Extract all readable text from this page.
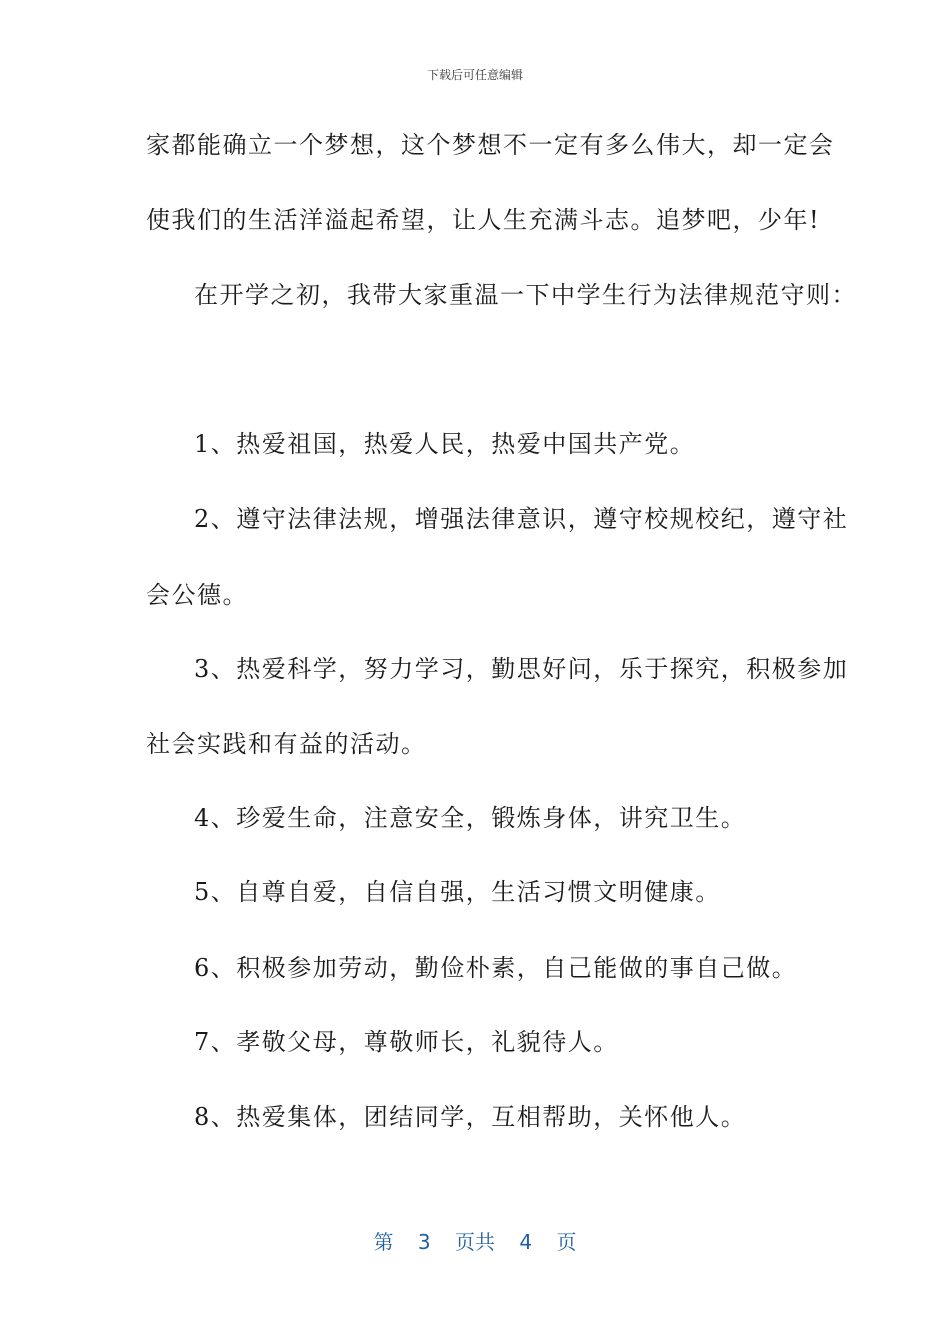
下载后可任意编辑
家都能确立一个梦想，这个梦想不一定有多么伟大，却一定会
使我们的生活洋溢起希望，让人生充满斗志。追梦吧，少年!
在开学之初，我带大家重温一下中学生行为法律规范守则：
1、热爱祖国，热爱人民，热爱中国共产党。
2、遵守法律法规，增强法律意识，遵守校规校纪，遵守社
会公德。
3、热爱科学，努力学习，勤思好问，乐于探究，积极参加
社会实践和有益的活动。
4、珍爱生命，注意安全，锻炼身体，讲究卫生。
5、自尊自爱，自信自强，生活习惯文明健康。
6、积极参加劳动，勤俭朴素，自己能做的事自己做。
7、孝敬父母，尊敬师长，礼貌待人。
8、热爱集体，团结同学，互相帮助，关怀他人。
第 3 页共 4 页
